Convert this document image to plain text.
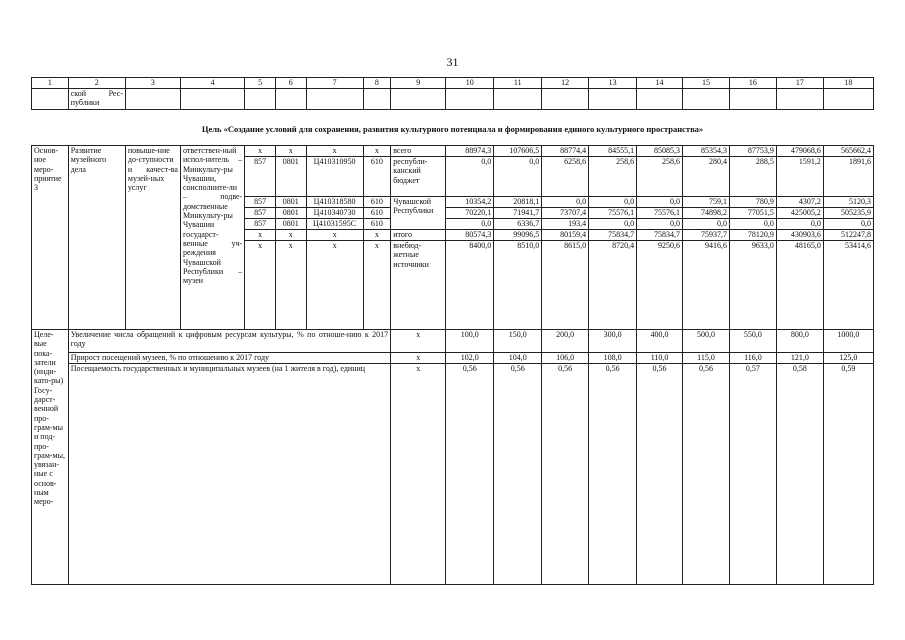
31
1	2	3	4	5	6	7	8	9	10	11	12	13	14	15	16	17	18
	ской Рес-публики																
Цель «Создание условий для сохранения, развития культурного потенциала и формирования единого культурного пространства»
Основ-ное меро-приятие 3	Развитие музейного дела	повыше-ние до-ступности и качест-ва музей-ных услуг	ответствен-ный испол-нитель – Минкульту-ры Чувашии, соисполните-ли – подве-домственные Минкульту-ры Чувашии государст-венные уч-реждения Чувашской Республики – музеи	x	x	x	x	всего	88974,3	107606,5	88774,4	84555,1	85085,3	85354,3	87753,9	479068,6	565662,4
				857	0801	Ц410310950	610	республи-канский бюджет	0,0	0,0	6258,6	258,6	258,6	280,4	288,5	1591,2	1891,6
				857	0801	Ц410318580	610	Чувашской Республики	10354,2	20818,1	0,0	0,0	0,0	759,1	780,9	4307,2	5120,3
				857	0801	Ц410340730	610		70220,1	71941,7	73707,4	75576,1	75576,1	74898,2	77051,5	425005,2	505235,9
				857	0801	Ц41031595С	610		0,0	6336,7	193,4	0,0	0,0	0,0	0,0	0,0	0,0
				x	x	x	x	итого	80574,3	99096,5	80159,4	75834,7	75834,7	75937,7	78120,9	430903,6	512247,8
				x	x	x	x	внебюд-жетные источники	8400,0	8510,0	8615,0	8720,4	9250,6	9416,6	9633,0	48165,0	53414,6
Целе-вые пока-затели (инди-като-ры) Госу-дарст-венной про-грам-мы и под-про-грам-мы, увязан-ные с основ-ным меро-	Увеличение числа обращений к цифровым ресурсам культуры, % по отноше-нию к 2017 году							x	100,0	150,0	200,0	300,0	400,0	500,0	550,0	800,0	1000,0
	Прирост посещений музеев, % по отношению к 2017 году							x	102,0	104,0	106,0	108,0	110,0	115,0	116,0	121,0	125,0
	Посещаемость государственных и муниципальных музеев (на 1 жителя в год), единиц							x	0,56	0,56	0,56	0,56	0,56	0,56	0,57	0,58	0,59
